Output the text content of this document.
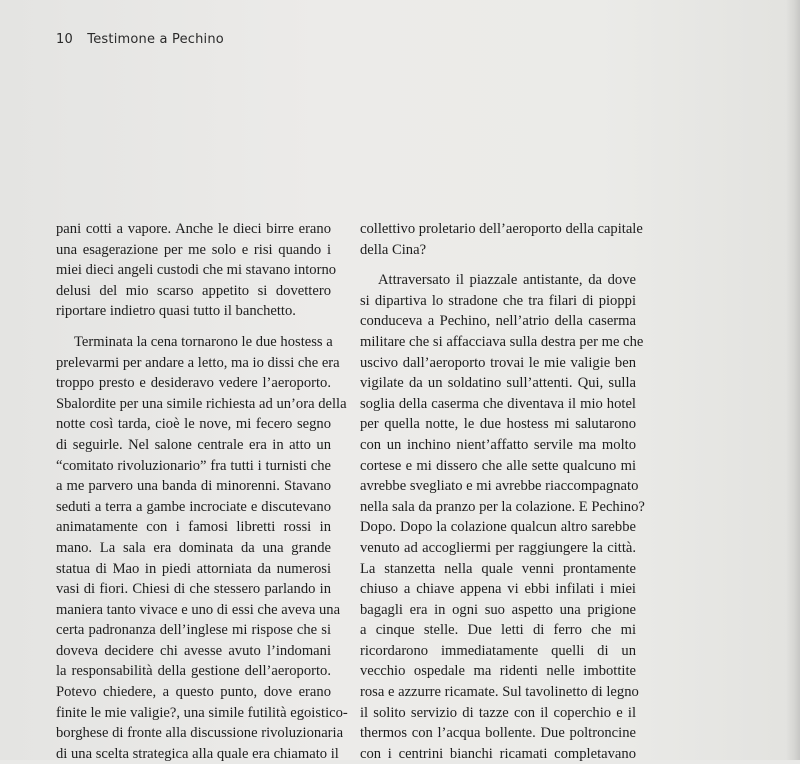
10 Testimone a Pechino
pani cotti a vapore. Anche le dieci birre erano
una esagerazione per me solo e risi quando i
miei dieci angeli custodi che mi stavano intorno
delusi del mio scarso appetito si dovettero
riportare indietro quasi tutto il banchetto.
Terminata la cena tornarono le due hostess a
prelevarmi per andare a letto, ma io dissi che era
troppo presto e desideravo vedere l’aeroporto.
Sbalordite per una simile richiesta ad un’ora della
notte così tarda, cioè le nove, mi fecero segno
di seguirle. Nel salone centrale era in atto un
“comitato rivoluzionario” fra tutti i turnisti che
a me parvero una banda di minorenni. Stavano
seduti a terra a gambe incrociate e discutevano
animatamente con i famosi libretti rossi in
mano. La sala era dominata da una grande
statua di Mao in piedi attorniata da numerosi
vasi di fiori. Chiesi di che stessero parlando in
maniera tanto vivace e uno di essi che aveva una
certa padronanza dell’inglese mi rispose che si
doveva decidere chi avesse avuto l’indomani
la responsabilità della gestione dell’aeroporto.
Potevo chiedere, a questo punto, dove erano
finite le mie valigie?, una simile futilità egoistico-
borghese di fronte alla discussione rivoluzionaria
di una scelta strategica alla quale era chiamato il
collettivo proletario dell’aeroporto della capitale
della Cina?
Attraversato il piazzale antistante, da dove
si dipartiva lo stradone che tra filari di pioppi
conduceva a Pechino, nell’atrio della caserma
militare che si affacciava sulla destra per me che
uscivo dall’aeroporto trovai le mie valigie ben
vigilate da un soldatino sull’attenti. Qui, sulla
soglia della caserma che diventava il mio hotel
per quella notte, le due hostess mi salutarono
con un inchino nient’affatto servile ma molto
cortese e mi dissero che alle sette qualcuno mi
avrebbe svegliato e mi avrebbe riaccompagnato
nella sala da pranzo per la colazione. E Pechino?
Dopo. Dopo la colazione qualcun altro sarebbe
venuto ad accogliermi per raggiungere la città.
La stanzetta nella quale venni prontamente
chiuso a chiave appena vi ebbi infilati i miei
bagagli era in ogni suo aspetto una prigione
a cinque stelle. Due letti di ferro che mi
ricordarono immediatamente quelli di un
vecchio ospedale ma ridenti nelle imbottite
rosa e azzurre ricamate. Sul tavolinetto di legno
il solito servizio di tazze con il coperchio e il
thermos con l’acqua bollente. Due poltroncine
con i centrini bianchi ricamati completavano
